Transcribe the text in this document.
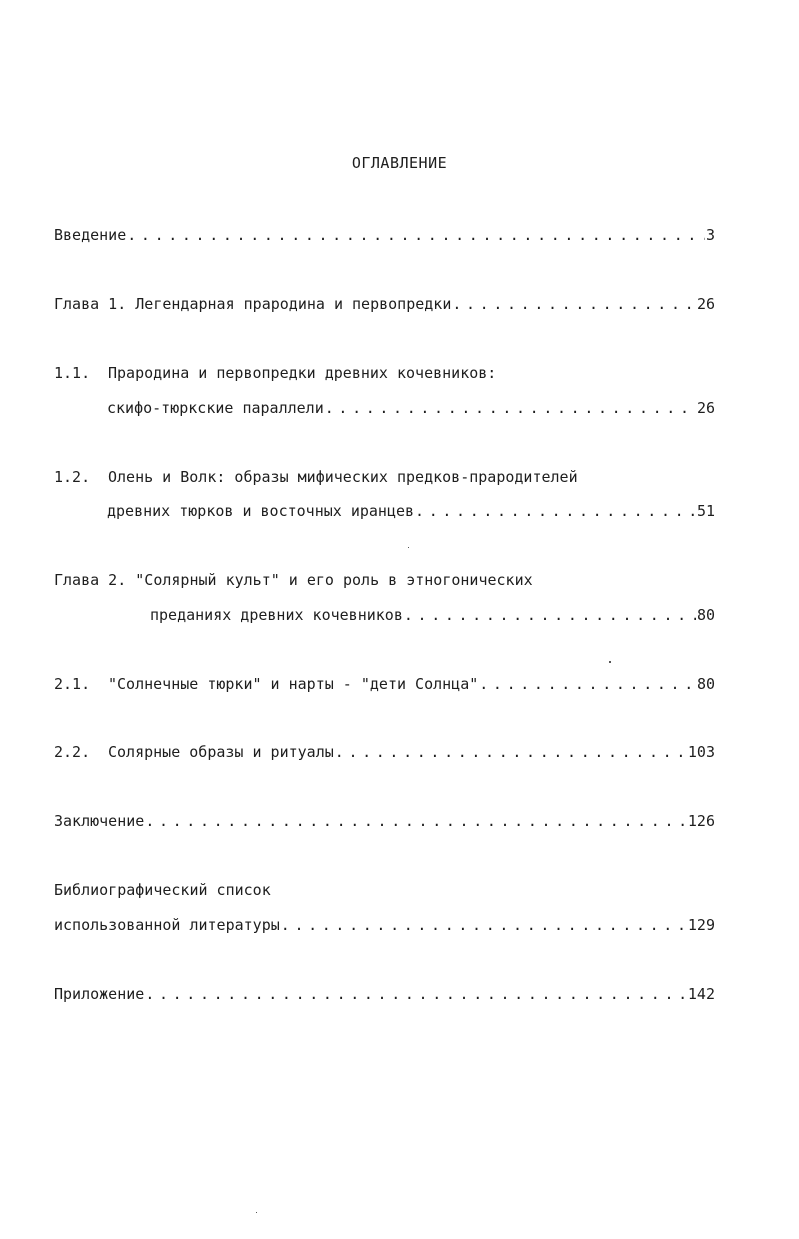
ОГЛАВЛЕНИЕ
Введение . . .	3
Глава 1. Легендарная прародина и первопредки . . .	26
1.1.	Прародина и первопредки древних кочевников:
скифо-тюркские параллели . . .	26
1.2.	Олень и Волк: образы мифических предков-прародителей
древних тюрков и восточных иранцев . . .	51
Глава 2. "Солярный культ" и его роль в этногонических
преданиях древних кочевников . . .	80
2.1.	"Солнечные тюрки" и нарты - "дети Солнца" . . .	80
2.2.	Солярные образы и ритуалы . . .	103
Заключение . . .	126
Библиографический список
использованной литературы . . .	129
Приложение . . .	142
